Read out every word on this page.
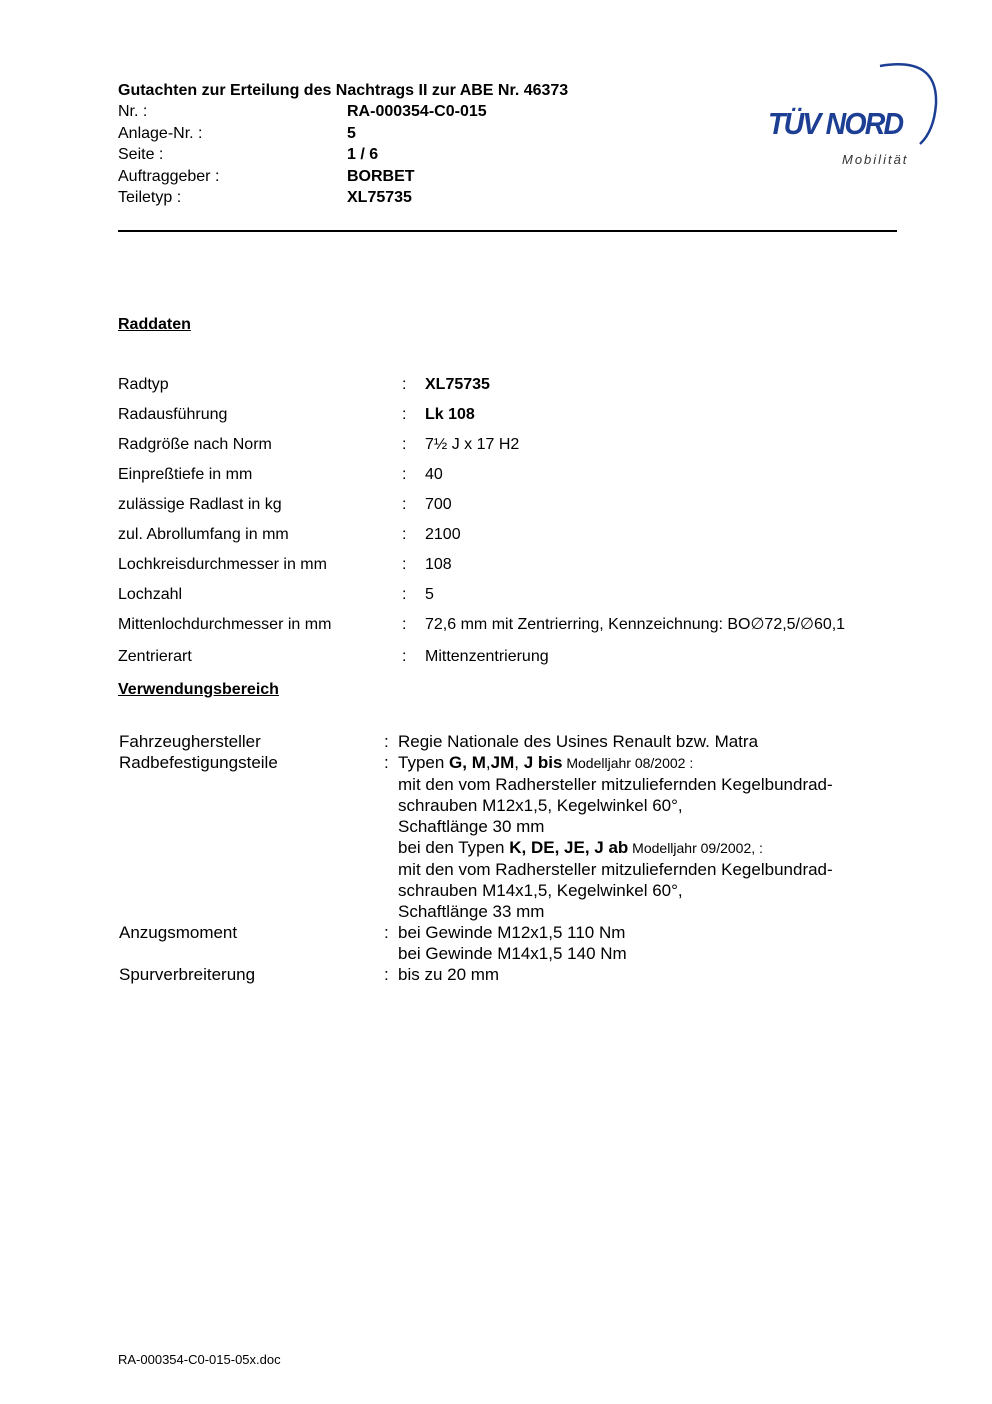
Gutachten zur Erteilung des Nachtrags II zur ABE Nr. 46373
Nr. :	RA-000354-C0-015
Anlage-Nr. :	5
Seite :	1 / 6
Auftraggeber :	BORBET
Teiletyp :	XL75735
TÜV NORD
Mobilität
Raddaten
Radtyp	: XL75735
Radausführung	: Lk 108
Radgröße nach Norm	: 7½ J x 17 H2
Einpreßtiefe in mm	: 40
zulässige Radlast in kg	: 700
zul. Abrollumfang in mm	: 2100
Lochkreisdurchmesser in mm	: 108
Lochzahl	: 5
Mittenlochdurchmesser in mm	: 72,6 mm mit Zentrierring, Kennzeichnung: BO∅72,5/∅60,1
Zentrierart	: Mittenzentrierung
Verwendungsbereich
Fahrzeughersteller	: Regie Nationale des Usines Renault bzw. Matra
Radbefestigungsteile	: Typen G, M,JM, J bis Modelljahr 08/2002 :
mit den vom Radhersteller mitzuliefernden Kegelbundrad-
schrauben M12x1,5, Kegelwinkel 60°,
Schaftlänge 30 mm
bei den Typen K, DE, JE, J ab Modelljahr 09/2002, :
mit den vom Radhersteller mitzuliefernden Kegelbundrad-
schrauben M14x1,5, Kegelwinkel 60°,
Schaftlänge 33 mm
Anzugsmoment	: bei Gewinde M12x1,5 110 Nm
bei Gewinde M14x1,5 140 Nm
Spurverbreiterung	: bis zu 20 mm
RA-000354-C0-015-05x.doc
